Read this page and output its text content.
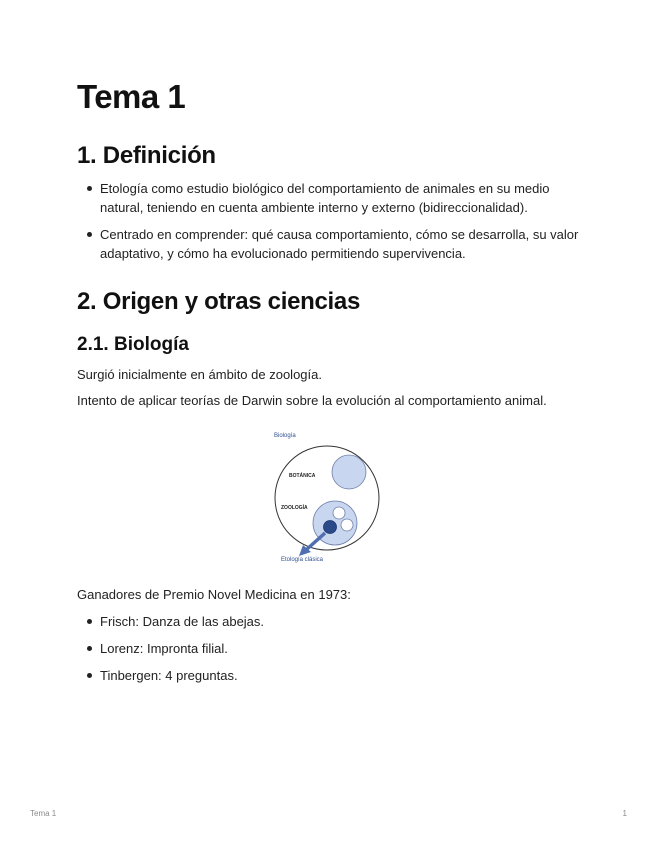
Tema 1
1. Definición
Etología como estudio biológico del comportamiento de animales en su medio natural, teniendo en cuenta ambiente interno y externo (bidireccionalidad).
Centrado en comprender: qué causa comportamiento, cómo se desarrolla, su valor adaptativo, y cómo ha evolucionado permitiendo supervivencia.
2. Origen y otras ciencias
2.1. Biología

Surgió inicialmente en ámbito de zoología.

Intento de aplicar teorías de Darwin sobre la evolución al comportamiento animal.

Biología
BOTÁNICA
ZOOLOGÍA
Etología clásica

Ganadores de Premio Novel Medicina en 1973:

Frisch: Danza de las abejas.
Lorenz: Impronta filial.
Tinbergen: 4 preguntas.
Tema 1	1
